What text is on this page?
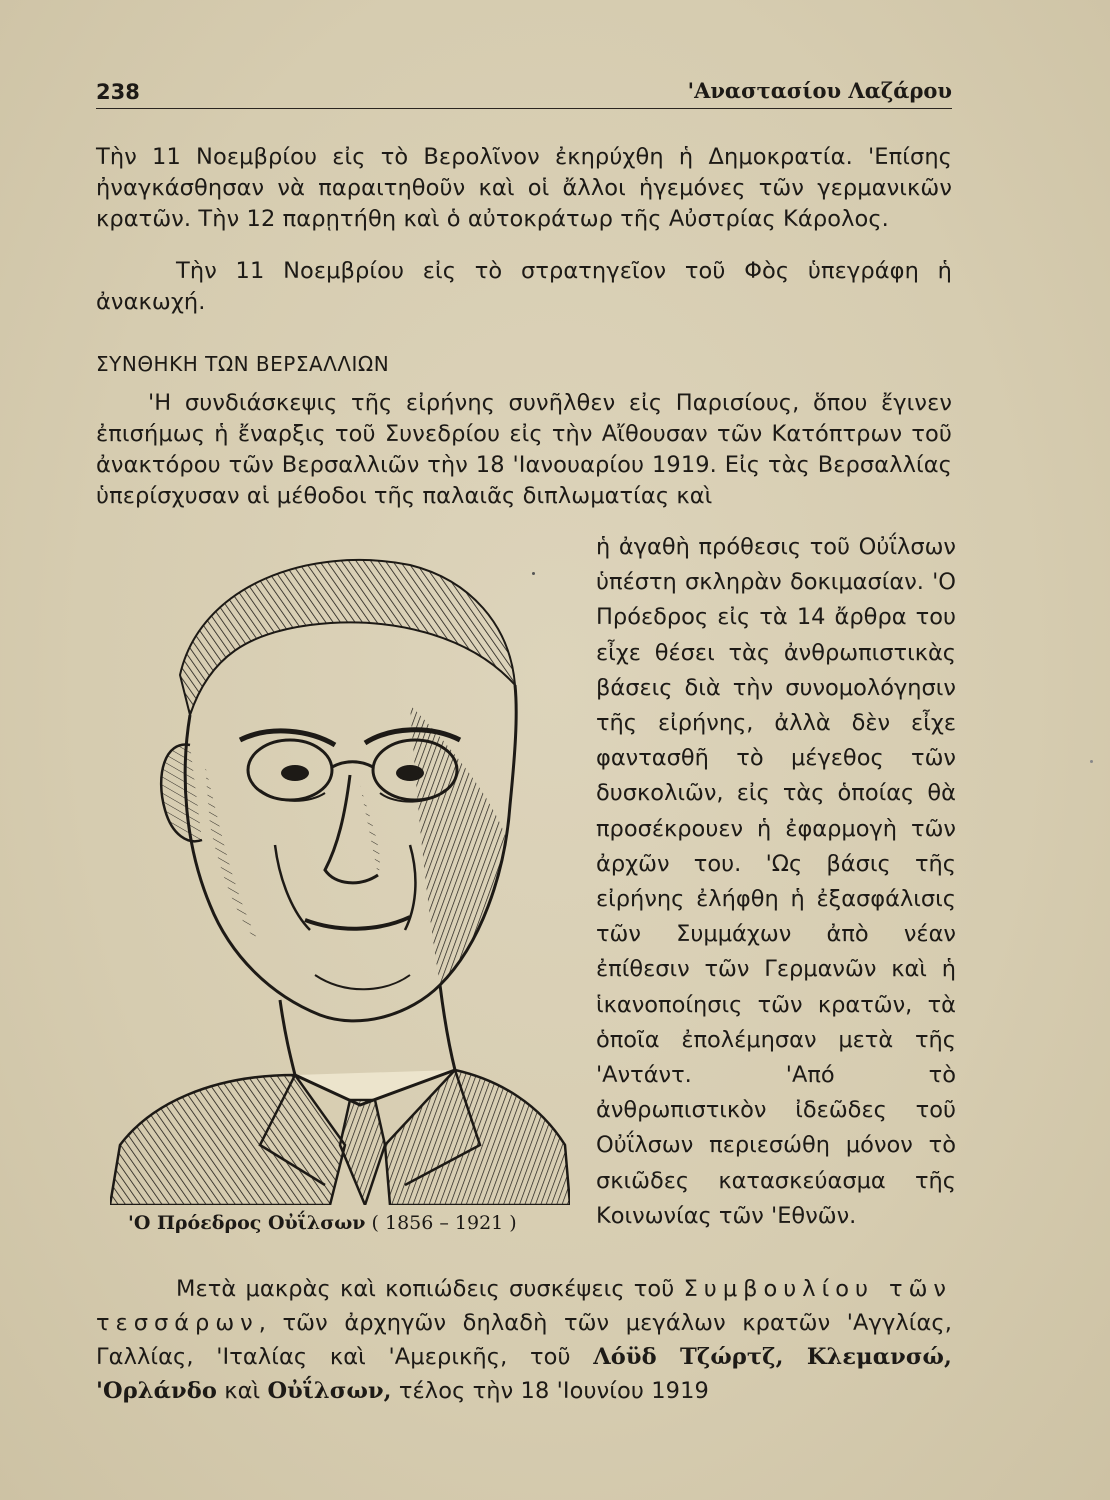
238	'Αναστασίου Λαζάρου
Τὴν 11 Νοεμβρίου εἰς τὸ Βερολῖνον ἐκηρύχθη ἡ Δημοκρατία. 'Επίσης ἠναγκάσθησαν νὰ παραιτηθοῦν καὶ οἱ ἄλλοι ἡγεμόνες τῶν γερμανικῶν κρατῶν. Τὴν 12 παρῃτήθη καὶ ὁ αὐτοκράτωρ τῆς Αὐστρίας Κάρολος.
Τὴν 11 Νοεμβρίου εἰς τὸ στρατηγεῖον τοῦ Φὸς ὑπεγράφη ἡ ἀνακωχή.
ΣΥΝΘΗΚΗ ΤΩΝ ΒΕΡΣΑΛΛΙΩΝ
'Η συνδιάσκεψις τῆς εἰρήνης συνῆλθεν εἰς Παρισίους, ὅπου ἔγινεν ἐπισήμως ἡ ἔναρξις τοῦ Συνεδρίου εἰς τὴν Αἴθουσαν τῶν Κατόπτρων τοῦ ἀνακτόρου τῶν Βερσαλλιῶν τὴν 18 'Ιανουαρίου 1919. Εἰς τὰς Βερσαλλίας ὑπερίσχυσαν αἱ μέθοδοι τῆς παλαιᾶς διπλωματίας καὶ
'Ο Πρόεδρος Οὐΐλσων ( 1856 – 1921 )
ἡ ἀγαθὴ πρόθεσις τοῦ Οὐΐλσων ὑπέστη σκληρὰν δοκιμασίαν. 'Ο Πρόεδρος εἰς τὰ 14 ἄρθρα του εἶχε θέσει τὰς ἀνθρωπιστικὰς βάσεις διὰ τὴν συνομολόγησιν τῆς εἰρήνης, ἀλλὰ δὲν εἶχε φαντασθῆ τὸ μέγεθος τῶν δυσκολιῶν, εἰς τὰς ὁποίας θὰ προσέκρουεν ἡ ἐφαρμογὴ τῶν ἀρχῶν του. 'Ως βάσις τῆς εἰρήνης ἐλήφθη ἡ ἐξασφάλισις τῶν Συμμάχων ἀπὸ νέαν ἐπίθεσιν τῶν Γερμανῶν καὶ ἡ ἱκανοποίησις τῶν κρατῶν, τὰ ὁποῖα ἐπολέμησαν μετὰ τῆς 'Αντάντ. 'Από τὸ ἀνθρωπιστικὸν ἰδεῶδες τοῦ Οὐΐλσων περιεσώθη μόνον τὸ σκιῶδες κατασκεύασμα τῆς Κοινωνίας τῶν 'Εθνῶν.
Μετὰ μακρὰς καὶ κοπιώδεις συσκέψεις τοῦ Συμβουλίου τῶν τεσσάρων, τῶν ἀρχηγῶν δηλαδὴ τῶν μεγάλων κρατῶν 'Αγγλίας, Γαλλίας, 'Ιταλίας καὶ 'Αμερικῆς, τοῦ Λόϋδ Τζώρτζ, Κλεμανσώ, 'Ορλάνδο καὶ Οὐΐλσων, τέλος τὴν 18 'Ιουνίου 1919
